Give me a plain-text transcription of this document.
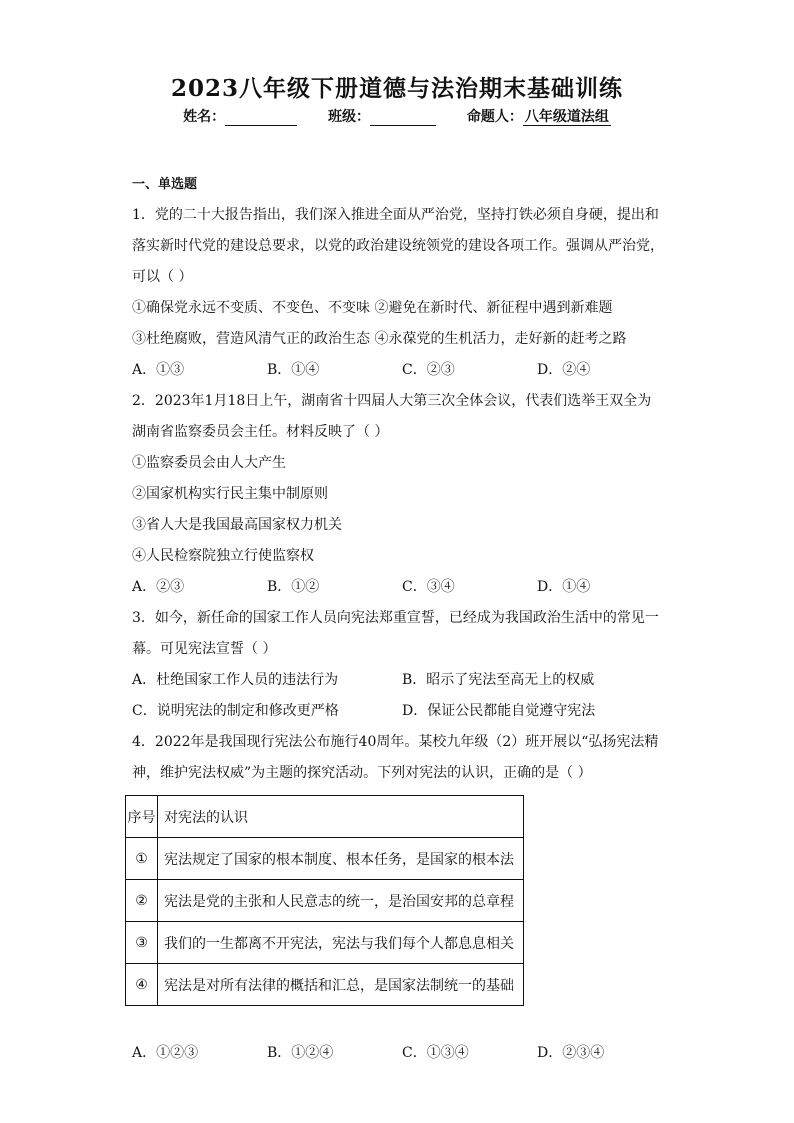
2023八年级下册道德与法治期末基础训练
姓名：	班级：	命题人： 八年级道法组
一、单选题
1．党的二十大报告指出，我们深入推进全面从严治党，坚持打铁必须自身硬，提出和
落实新时代党的建设总要求，以党的政治建设统领党的建设各项工作。强调从严治党，
可以（ ）
①确保党永远不变质、不变色、不变味 ②避免在新时代、新征程中遇到新难题
③杜绝腐败，营造风清气正的政治生态 ④永葆党的生机活力，走好新的赶考之路
A．①③	B．①④	C．②③	D．②④
2．2023年1月18日上午，湖南省十四届人大第三次全体会议，代表们选举王双全为
湖南省监察委员会主任。材料反映了（ ）
①监察委员会由人大产生
②国家机构实行民主集中制原则
③省人大是我国最高国家权力机关
④人民检察院独立行使监察权
A．②③	B．①②	C．③④	D．①④
3．如今，新任命的国家工作人员向宪法郑重宣誓，已经成为我国政治生活中的常见一
幕。可见宪法宣誓（ ）
A．杜绝国家工作人员的违法行为	B．昭示了宪法至高无上的权威
C．说明宪法的制定和修改更严格	D．保证公民都能自觉遵守宪法
4．2022年是我国现行宪法公布施行40周年。某校九年级（2）班开展以“弘扬宪法精
神，维护宪法权威”为主题的探究活动。下列对宪法的认识，正确的是（ ）
序号	对宪法的认识
①	宪法规定了国家的根本制度、根本任务，是国家的根本法
②	宪法是党的主张和人民意志的统一，是治国安邦的总章程
③	我们的一生都离不开宪法，宪法与我们每个人都息息相关
④	宪法是对所有法律的概括和汇总，是国家法制统一的基础
A．①②③	B．①②④	C．①③④	D．②③④
